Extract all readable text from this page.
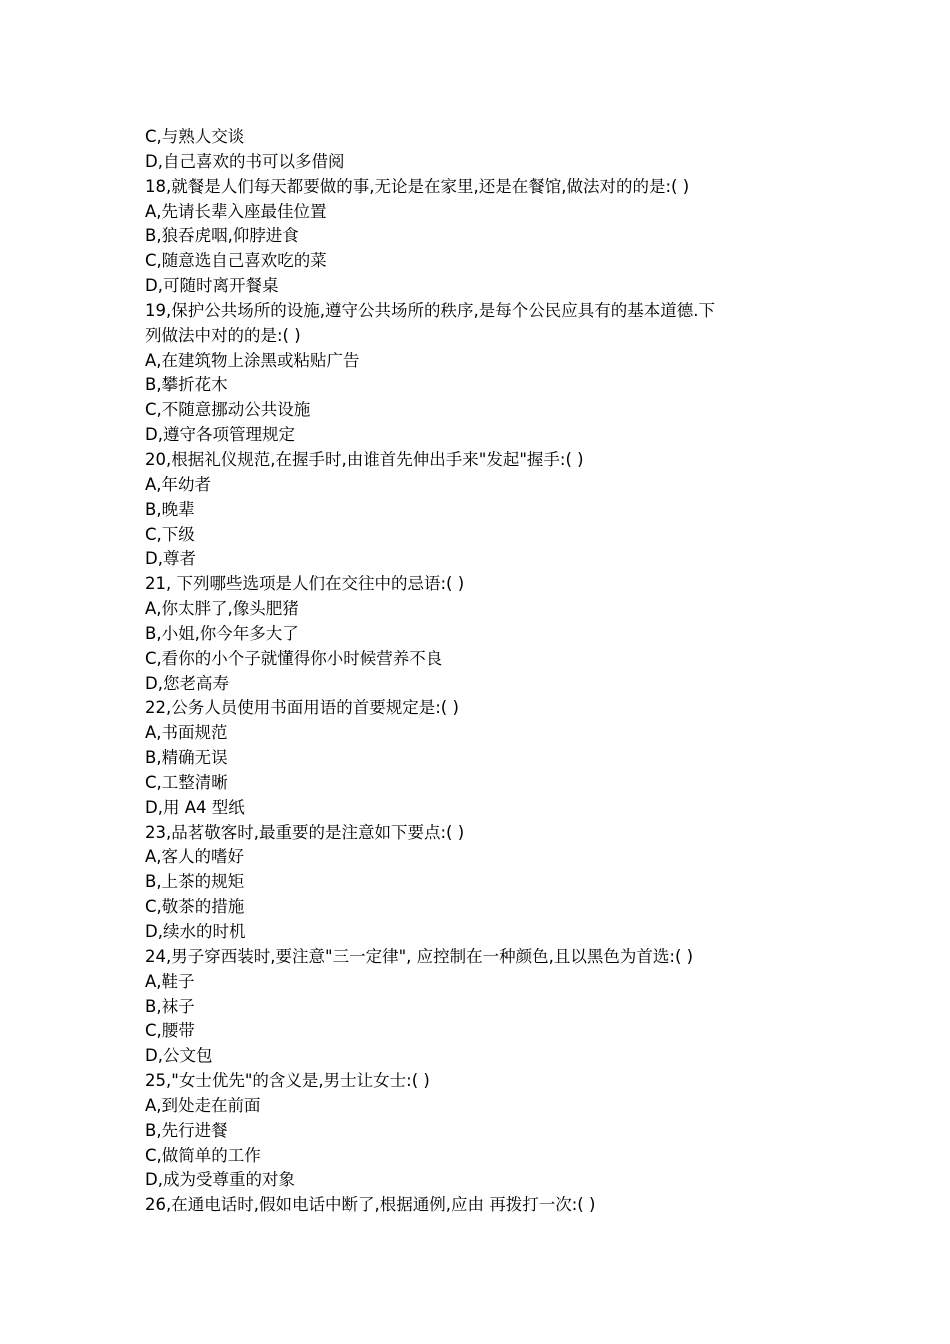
C,与熟人交谈
D,自己喜欢的书可以多借阅
18,就餐是人们每天都要做的事,无论是在家里,还是在餐馆,做法对的的是:( )
A,先请长辈入座最佳位置
B,狼吞虎咽,仰脖进食
C,随意选自己喜欢吃的菜
D,可随时离开餐桌
19,保护公共场所的设施,遵守公共场所的秩序,是每个公民应具有的基本道德.下
列做法中对的的是:( )
A,在建筑物上涂黑或粘贴广告
B,攀折花木
C,不随意挪动公共设施
D,遵守各项管理规定
20,根据礼仪规范,在握手时,由谁首先伸出手来"发起"握手:( )
A,年幼者
B,晚辈
C,下级
D,尊者
21, 下列哪些选项是人们在交往中的忌语:( )
A,你太胖了,像头肥猪
B,小姐,你今年多大了
C,看你的小个子就懂得你小时候营养不良
D,您老高寿
22,公务人员使用书面用语的首要规定是:( )
A,书面规范
B,精确无误
C,工整清晰
D,用 A4 型纸
23,品茗敬客时,最重要的是注意如下要点:( )
A,客人的嗜好
B,上茶的规矩
C,敬茶的措施
D,续水的时机
24,男子穿西装时,要注意"三一定律", 应控制在一种颜色,且以黑色为首选:( )
A,鞋子
B,袜子
C,腰带
D,公文包
25,"女士优先"的含义是,男士让女士:( )
A,到处走在前面
B,先行进餐
C,做简单的工作
D,成为受尊重的对象
26,在通电话时,假如电话中断了,根据通例,应由 再拨打一次:( )
